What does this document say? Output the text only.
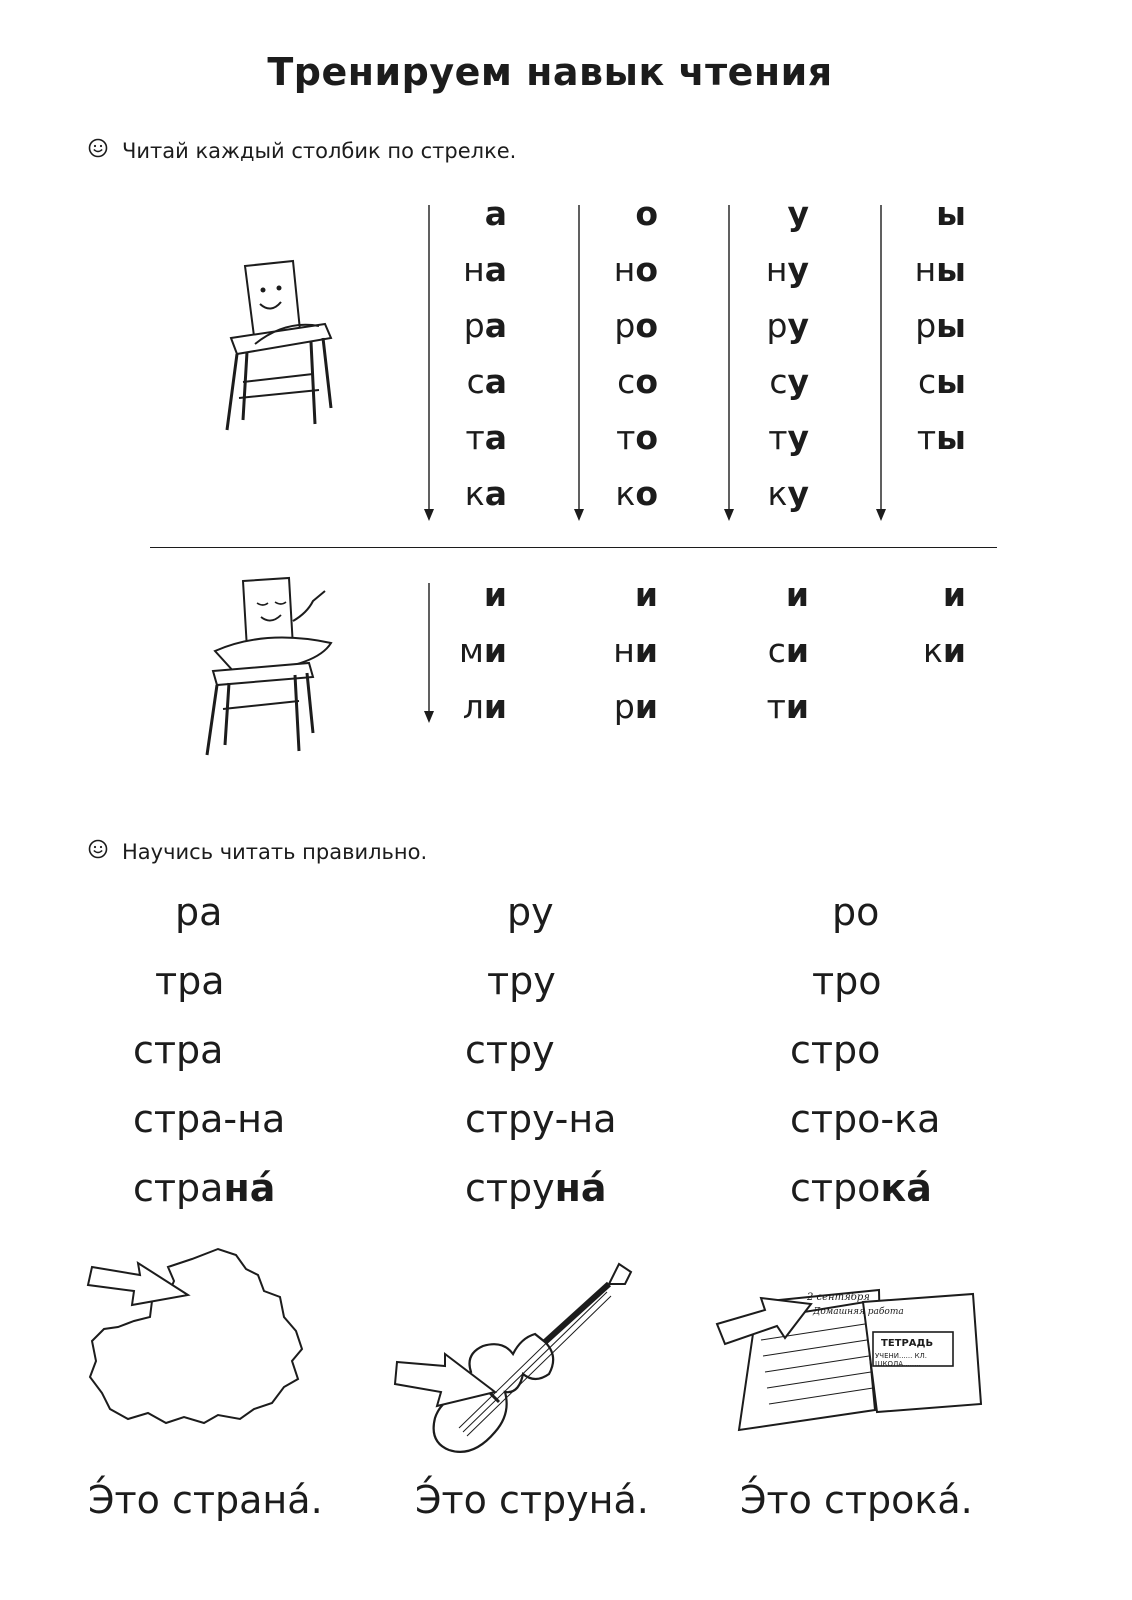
Тренируем навык чтения
Читай каждый столбик по стрелке.
а
на
ра
са
та
ка
о
но
ро
со
то
ко
у
ну
ру
су
ту
ку
ы
ны
ры
сы
ты
и
ми
ли
и
ни
ри
и
си
ти
и
ки
Научись читать правильно.
ра
тра
стра
стра-на
странá
ру
тру
стру
стру-на
струнá
ро
тро
стро
стро-ка
строкá
ТЕТРАДЬ
УЧЕНИ...... КЛ.
ШКОЛА........
2 сентября
Домашняя работа
Э́то странá. Э́то струнá. Э́то строкá.
